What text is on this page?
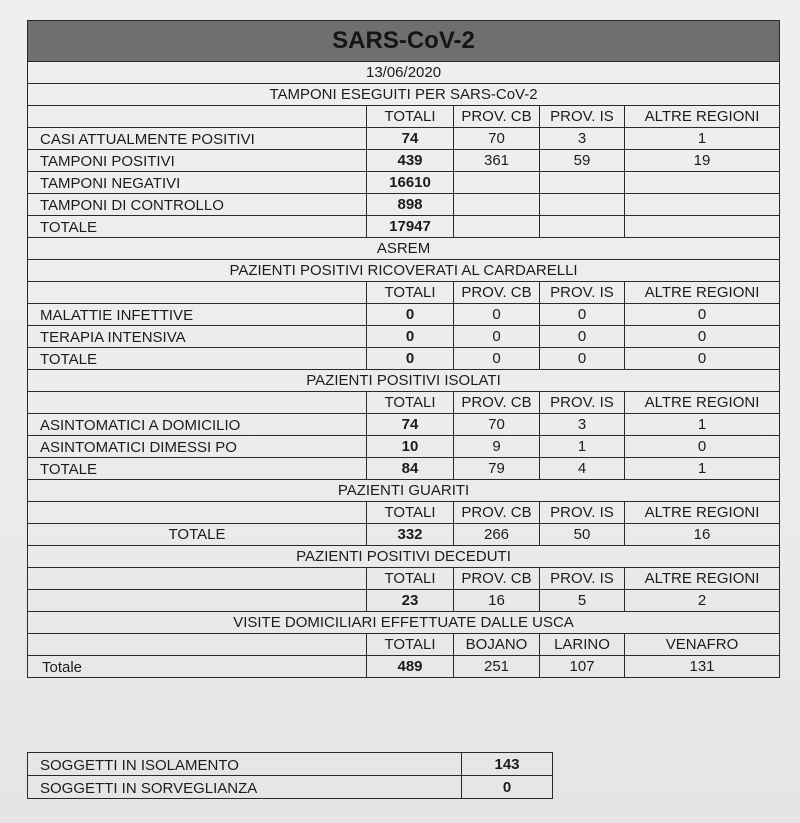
SARS-CoV-2				
13/06/2020				
TAMPONI ESEGUITI PER SARS-CoV-2				
	TOTALI	PROV. CB	PROV. IS	ALTRE REGIONI
CASI ATTUALMENTE POSITIVI	74	70	3	1
TAMPONI POSITIVI	439	361	59	19
TAMPONI NEGATIVI	16610			
TAMPONI DI CONTROLLO	898			
TOTALE	17947			
ASREM				
PAZIENTI POSITIVI RICOVERATI AL CARDARELLI				
	TOTALI	PROV. CB	PROV. IS	ALTRE REGIONI
MALATTIE INFETTIVE	0	0	0	0
TERAPIA INTENSIVA	0	0	0	0
TOTALE	0	0	0	0
PAZIENTI POSITIVI ISOLATI				
	TOTALI	PROV. CB	PROV. IS	ALTRE REGIONI
ASINTOMATICI A DOMICILIO	74	70	3	1
ASINTOMATICI DIMESSI PO	10	9	1	0
TOTALE	84	79	4	1
PAZIENTI GUARITI				
	TOTALI	PROV. CB	PROV. IS	ALTRE REGIONI
TOTALE	332	266	50	16
PAZIENTI POSITIVI DECEDUTI				
	TOTALI	PROV. CB	PROV. IS	ALTRE REGIONI
	23	16	5	2
VISITE DOMICILIARI EFFETTUATE DALLE USCA				
	TOTALI	BOJANO	LARINO	VENAFRO
Totale	489	251	107	131
SOGGETTI IN ISOLAMENTO	143
SOGGETTI IN SORVEGLIANZA	0
